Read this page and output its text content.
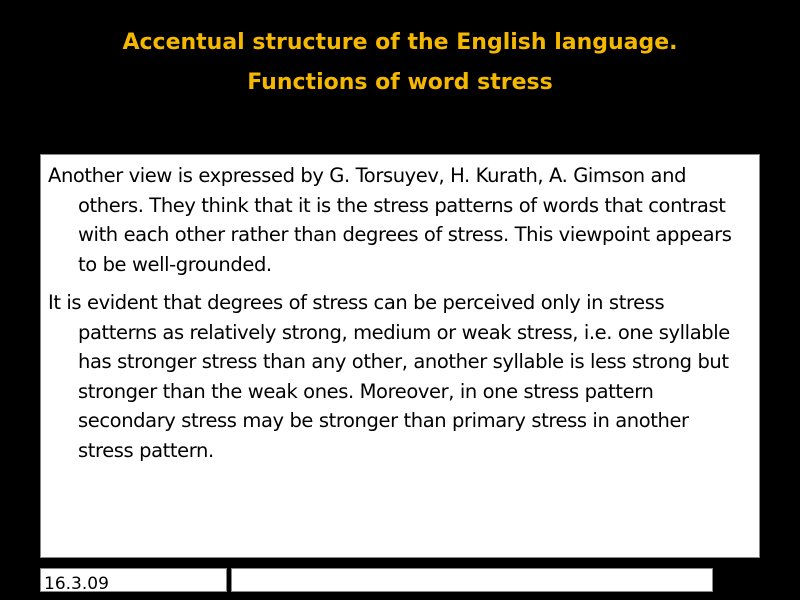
Accentual structure of the English language.
Functions of word stress

Another view is expressed by G. Torsuyev, H. Kurath, A. Gimson and others. They think that it is the stress patterns of words that contrast with each other rather than degrees of stress. This viewpoint appears to be well-grounded.

It is evident that degrees of stress can be perceived only in stress patterns as relatively strong, medium or weak stress, i.e. one syllable has stronger stress than any other, another syllable is less strong but stronger than the weak ones. Moreover, in one stress pattern secondary stress may be stronger than primary stress in another stress pattern.

16.3.09
